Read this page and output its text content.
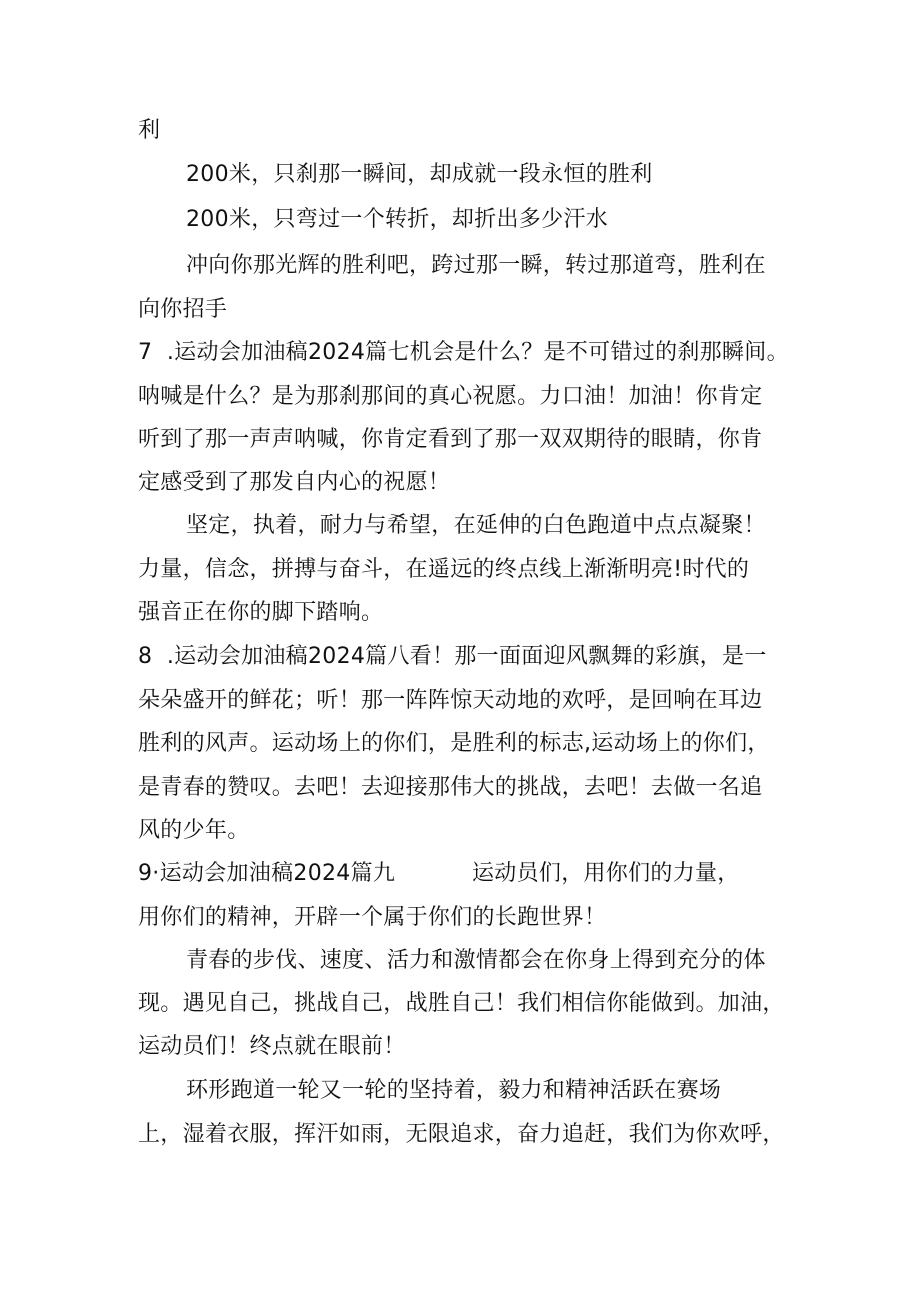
利
200米，只刹那一瞬间，却成就一段永恒的胜利
200米，只弯过一个转折，却折出多少汗水
冲向你那光辉的胜利吧，跨过那一瞬，转过那道弯，胜利在
向你招手
7  .运动会加油稿2024篇七机会是什么？是不可错过的刹那瞬间。
呐喊是什么？是为那刹那间的真心祝愿。力口油！加油！你肯定
听到了那一声声呐喊，你肯定看到了那一双双期待的眼睛，你肯
定感受到了那发自内心的祝愿！
坚定，执着，耐力与希望，在延伸的白色跑道中点点凝聚！
力量，信念，拼搏与奋斗，在遥远的终点线上渐渐明亮!时代的
强音正在你的脚下踏响。
8  .运动会加油稿2024篇八看！那一面面迎风飘舞的彩旗，是一
朵朵盛开的鲜花；听！那一阵阵惊天动地的欢呼，是回响在耳边
胜利的风声。运动场上的你们，是胜利的标志,运动场上的你们，
是青春的赞叹。去吧！去迎接那伟大的挑战，去吧！去做一名追
风的少年。
9·运动会加油稿2024篇九	运动员们，用你们的力量，
用你们的精神，开辟一个属于你们的长跑世界！
青春的步伐、速度、活力和激情都会在你身上得到充分的体
现。遇见自己，挑战自己，战胜自己！我们相信你能做到。加油，
运动员们！终点就在眼前！
环形跑道一轮又一轮的坚持着，毅力和精神活跃在赛场
上，湿着衣服，挥汗如雨，无限追求，奋力追赶，我们为你欢呼，
